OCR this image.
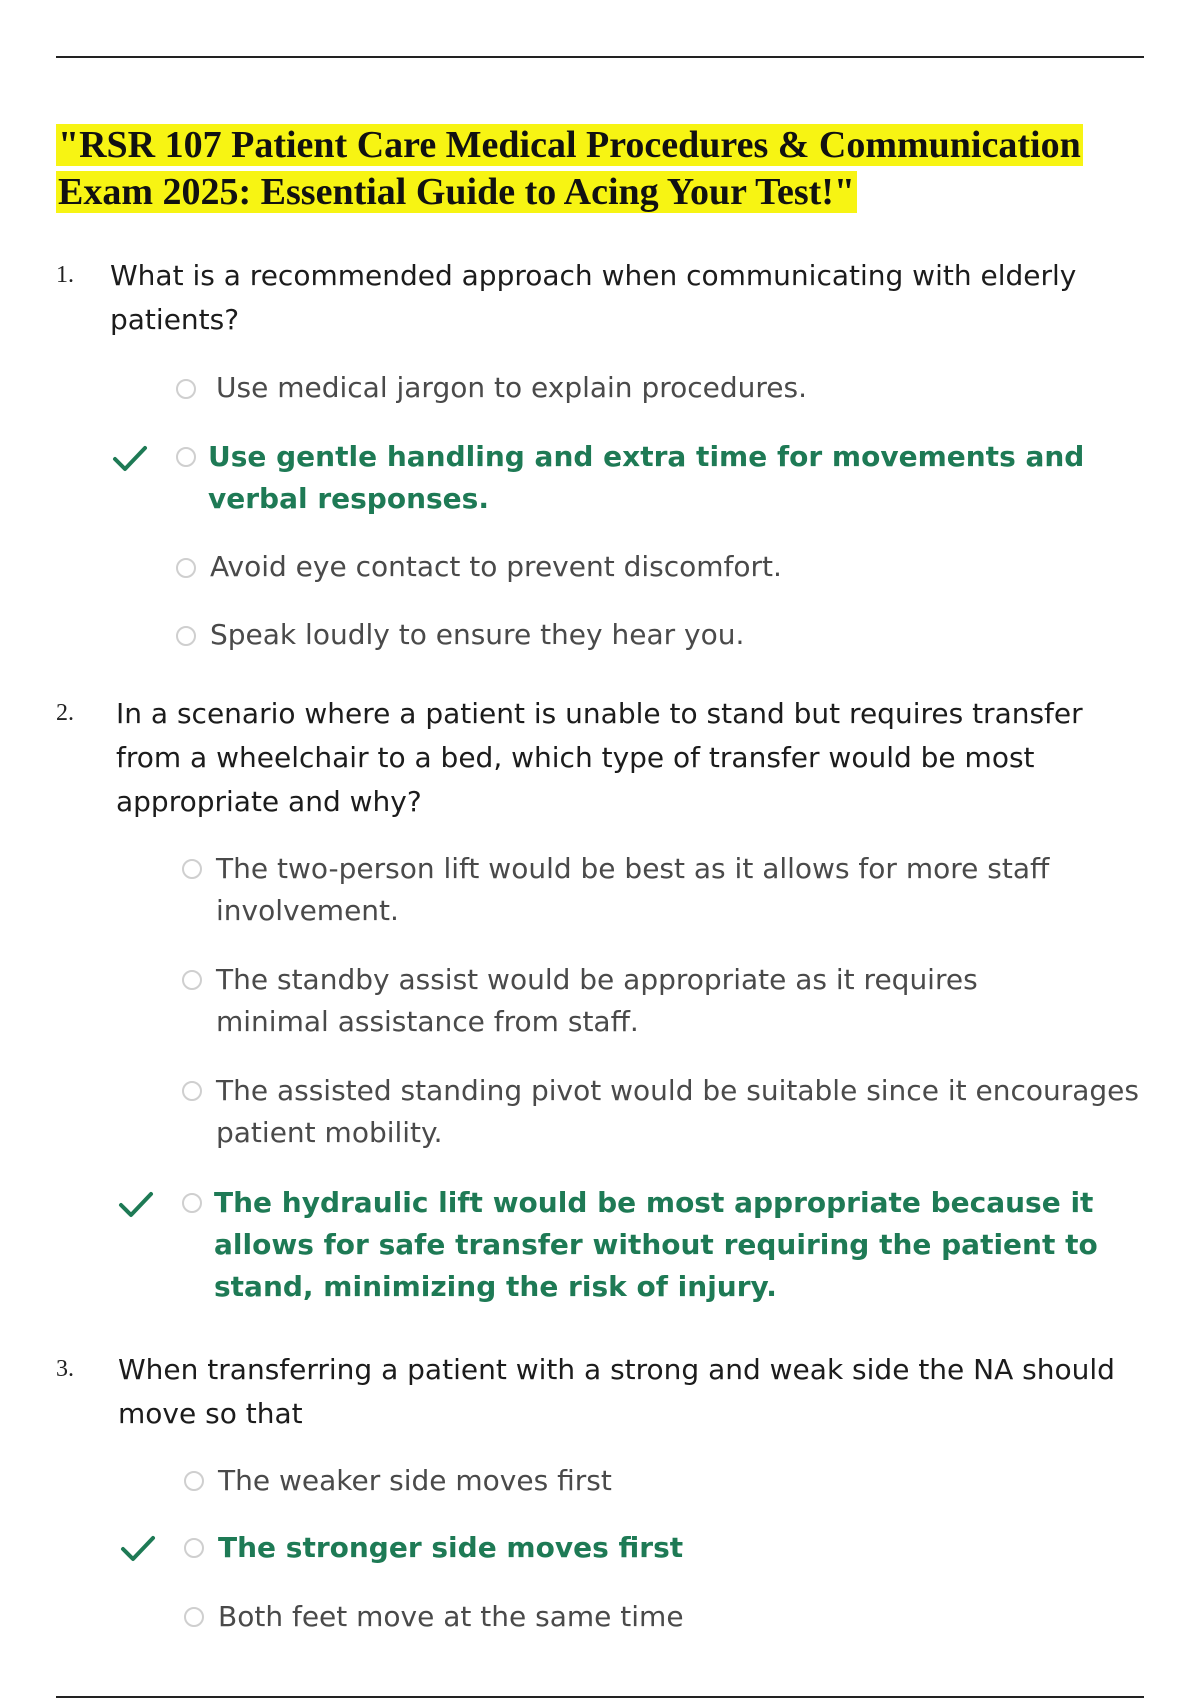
"RSR 107 Patient Care Medical Procedures & Communication Exam 2025: Essential Guide to Acing Your Test!"
1. What is a recommended approach when communicating with elderly patients?
Use medical jargon to explain procedures.
Use gentle handling and extra time for movements and verbal responses.
Avoid eye contact to prevent discomfort.
Speak loudly to ensure they hear you.
2. In a scenario where a patient is unable to stand but requires transfer from a wheelchair to a bed, which type of transfer would be most appropriate and why?
The two-person lift would be best as it allows for more staff involvement.
The standby assist would be appropriate as it requires minimal assistance from staff.
The assisted standing pivot would be suitable since it encourages patient mobility.
The hydraulic lift would be most appropriate because it allows for safe transfer without requiring the patient to stand, minimizing the risk of injury.
3. When transferring a patient with a strong and weak side the NA should move so that
The weaker side moves first
The stronger side moves first
Both feet move at the same time
